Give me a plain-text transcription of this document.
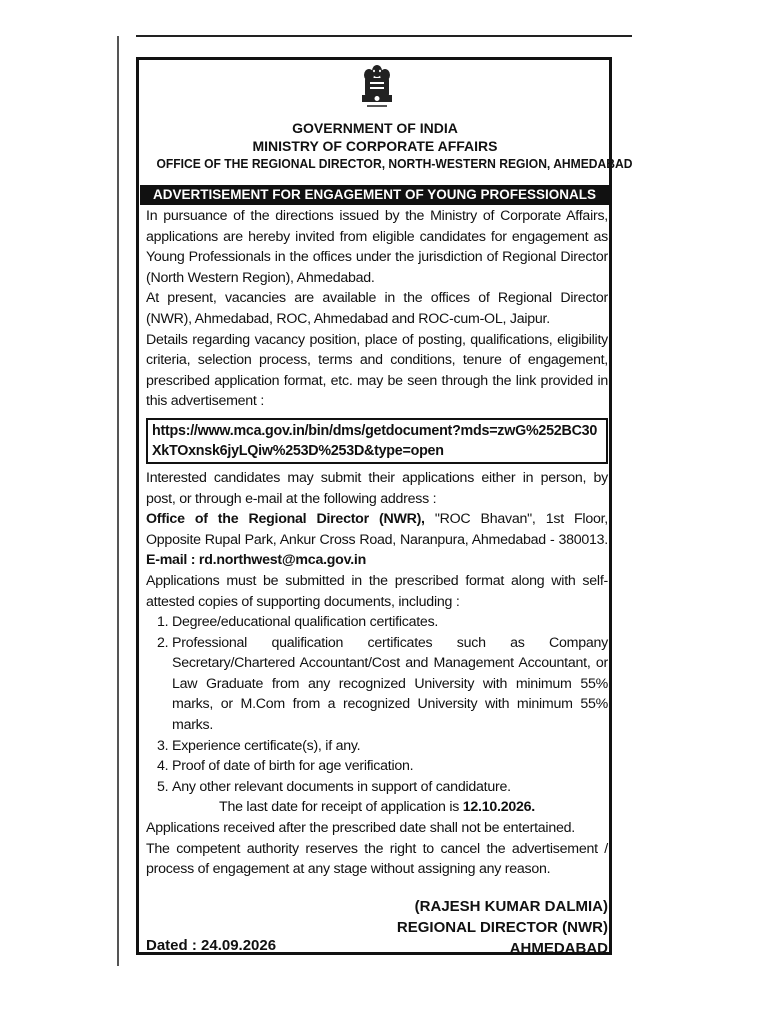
GOVERNMENT OF INDIA
MINISTRY OF CORPORATE AFFAIRS
OFFICE OF THE REGIONAL DIRECTOR, NORTH-WESTERN REGION, AHMEDABAD
ADVERTISEMENT FOR ENGAGEMENT OF YOUNG PROFESSIONALS

In pursuance of the directions issued by the Ministry of Corporate Affairs, applications are hereby invited from eligible candidates for engagement as Young Professionals in the offices under the jurisdiction of Regional Director (North Western Region), Ahmedabad.

At present, vacancies are available in the offices of Regional Director (NWR), Ahmedabad, ROC, Ahmedabad and ROC-cum-OL, Jaipur.

Details regarding vacancy position, place of posting, qualifications, eligibility criteria, selection process, terms and conditions, tenure of engagement, prescribed application format, etc. may be seen through the link provided in this advertisement :

https://www.mca.gov.in/bin/dms/getdocument?mds=zwG%252BC30XkTOxnsk6jyLQiw%253D%253D&type=open

Interested candidates may submit their applications either in person, by post, or through e-mail at the following address :

Office of the Regional Director (NWR), "ROC Bhavan", 1st Floor, Opposite Rupal Park, Ankur Cross Road, Naranpura, Ahmedabad - 380013. E-mail : rd.northwest@mca.gov.in

Applications must be submitted in the prescribed format along with self-attested copies of supporting documents, including :

1. Degree/educational qualification certificates.
2. Professional qualification certificates such as Company Secretary/Chartered Accountant/Cost and Management Accountant, or Law Graduate from any recognized University with minimum 55% marks, or M.Com from a recognized University with minimum 55% marks.
3. Experience certificate(s), if any.
4. Proof of date of birth for age verification.
5. Any other relevant documents in support of candidature.

The last date for receipt of application is 12.10.2026.

Applications received after the prescribed date shall not be entertained.

The competent authority reserves the right to cancel the advertisement / process of engagement at any stage without assigning any reason.

(RAJESH KUMAR DALMIA)
REGIONAL DIRECTOR (NWR)
AHMEDABAD
Dated : 24.09.2026
